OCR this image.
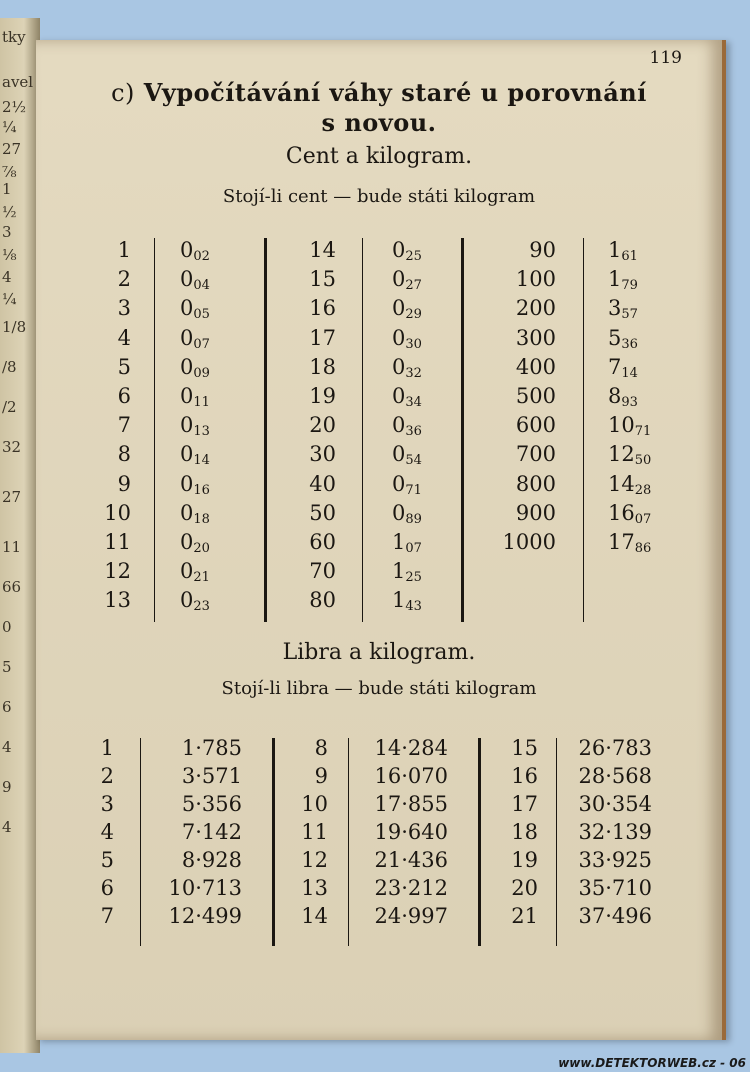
tky
avel
2½
¼
27
⅞
1
½
3
⅛
4
¼
1/8
/8
/2
32
27
11
66
0
5
6
4
9
4
119
c) Vypočítávání váhy staré u porovnání
s novou.
Cent a kilogram.
Stojí-li cent — bude státi kilogram
Libra a kilogram.
Stojí-li libra — bude státi kilogram
1 $0_{02}$
2 $0_{04}$
3 $0_{05}$
4 $0_{07}$
5 $0_{09}$
6 $0_{11}$
7 $0_{13}$
8 $0_{14}$
9 $0_{16}$
10 $0_{18}$
11 $0_{20}$
12 $0_{21}$
13 $0_{23}$
14	$0_{25}$
15	$0_{27}$
16	$0_{29}$
17	$0_{30}$
18	$0_{32}$
19	$0_{34}$
20	$0_{36}$
30	$0_{54}$
40	$0_{71}$
50	$0_{89}$
60	$1_{07}$
70	$1_{25}$
80	$1_{43}$
90 $1_{61}$
100 $1_{79}$
200 $3_{57}$
300 $5_{36}$
400 $7_{14}$
500 $8_{93}$
600 $10_{71}$
700 $12_{50}$
800 $14_{28}$
900 $16_{07}$
1000 $17_{86}$
1	1·785
2	3·571
3	5·356
4	7·142
5	8·928
6	10·713
7	12·499
8 14·284
9 16·070
10 17·855
11 19·640
12 21·436
13 23·212
14 24·997
15 26·783
16 28·568
17 30·354
18 32·139
19 33·925
20 35·710
21 37·496
www.DETEKTORWEB.cz - 06
